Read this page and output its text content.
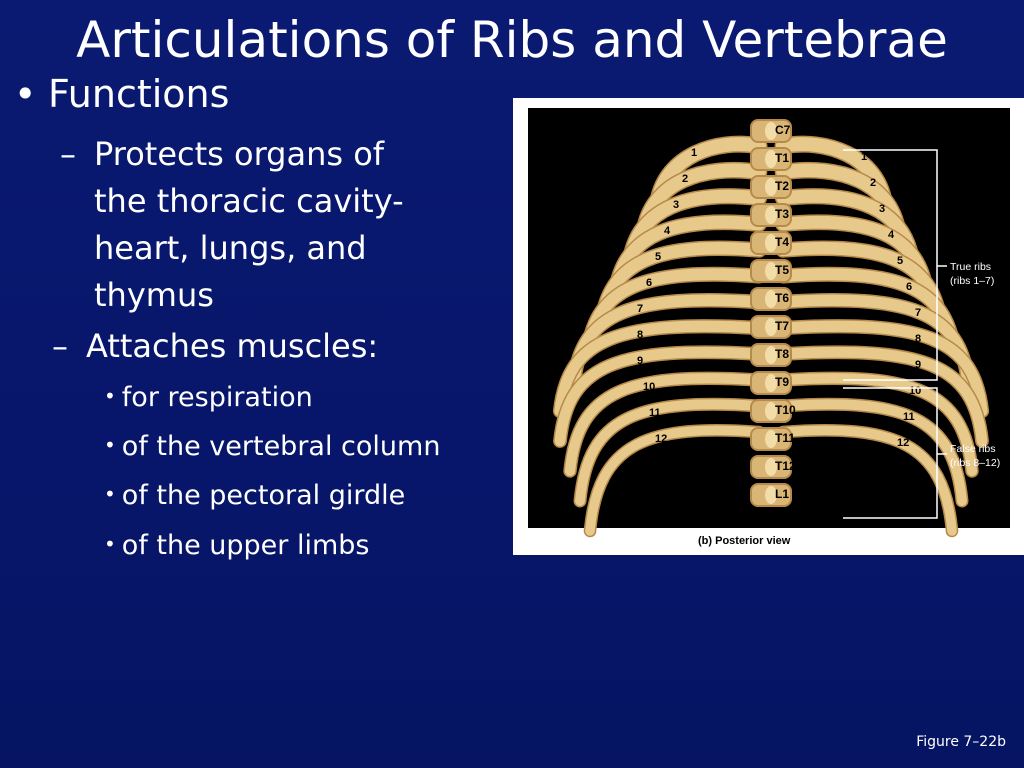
Articulations of Ribs and Vertebrae
• Functions
– Protects organs of
the thoracic cavity-
heart, lungs, and
thymus
– Attaches muscles:
• for respiration
• of the vertebral column
• of the pectoral girdle
• of the upper limbs
C7
T1
T2
T3
T4
T5
T6
T7
T8
T9
T10
T11
T12
L1
1
2
3
4
5
6
7
8
9
10
11
12
1
2
3
4
5
6
7
8
9
10
11
12
True ribs
(ribs 1–7)
False ribs
(ribs 8–12)
(b) Posterior view
Figure 7–22b
